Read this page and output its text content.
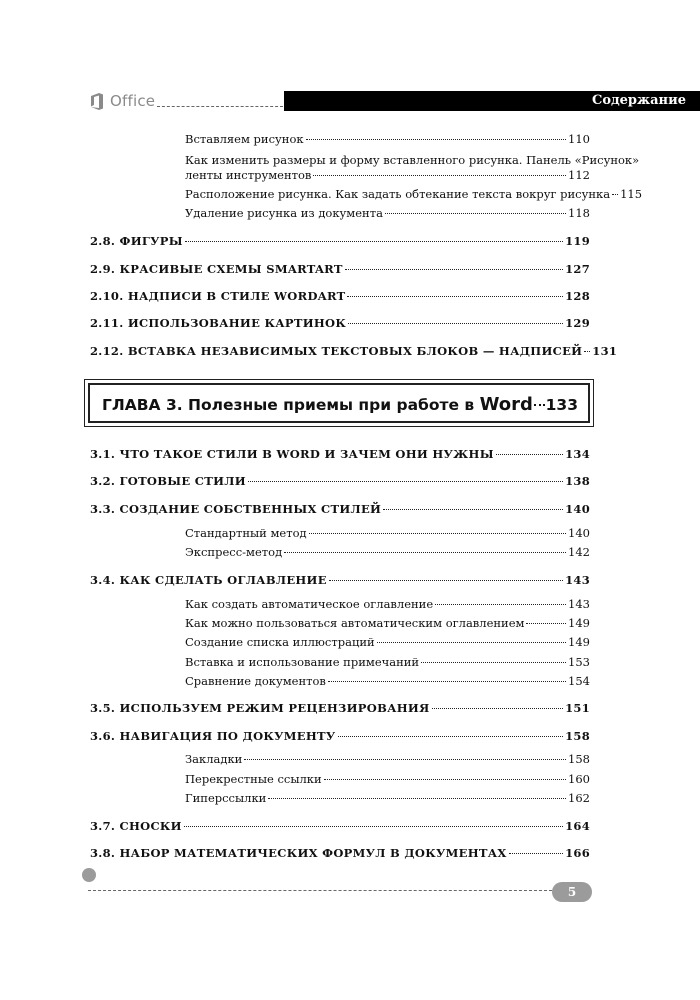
Office	Содержание
Вставляем рисунок	110
Как изменить размеры и форму вставленного рисунка. Панель «Рисунок»
ленты инструментов	112
Расположение рисунка. Как задать обтекание текста вокруг рисунка 115
Удаление рисунка из документа	118
2.8. ФИГУРЫ	119
2.9. КРАСИВЫЕ СХЕМЫ SMARTART	127
2.10. НАДПИСИ В СТИЛЕ WORDART	128
2.11. ИСПОЛЬЗОВАНИЕ КАРТИНОК	129
2.12. ВСТАВКА НЕЗАВИСИМЫХ ТЕКСТОВЫХ БЛОКОВ — НАДПИСЕЙ 131
ГЛАВА 3. Полезные приемы при работе в Word 133
3.1. ЧТО ТАКОЕ СТИЛИ В WORD И ЗАЧЕМ ОНИ НУЖНЫ	134
3.2. ГОТОВЫЕ СТИЛИ	138
3.3. СОЗДАНИЕ СОБСТВЕННЫХ СТИЛЕЙ	140
Стандартный метод	140
Экспресс-метод	142
3.4. КАК СДЕЛАТЬ ОГЛАВЛЕНИЕ	143
Как создать автоматическое оглавление	143
Как можно пользоваться автоматическим оглавлением	149
Создание списка иллюстраций	149
Вставка и использование примечаний	153
Сравнение документов	154
3.5. ИСПОЛЬЗУЕМ РЕЖИМ РЕЦЕНЗИРОВАНИЯ	151
3.6. НАВИГАЦИЯ ПО ДОКУМЕНТУ	158
Закладки	158
Перекрестные ссылки	160
Гиперссылки	162
3.7. СНОСКИ	164
3.8. НАБОР МАТЕМАТИЧЕСКИХ ФОРМУЛ В ДОКУМЕНТАХ	166
5
